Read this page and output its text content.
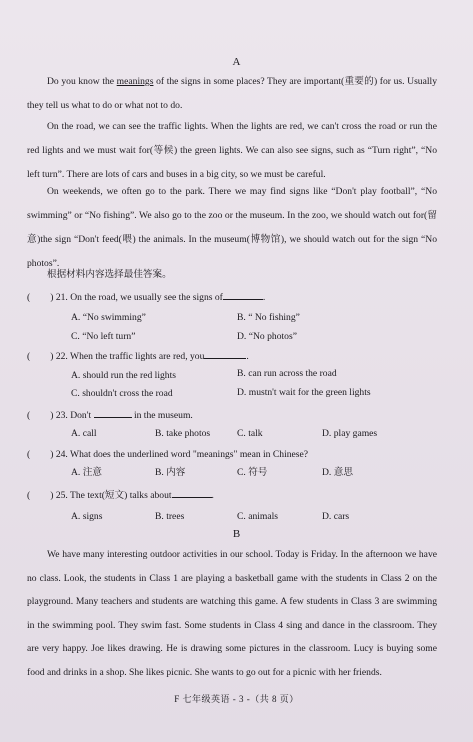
A
Do you know the meanings of the signs in some places? They are important(重要的) for us. Usually they tell us what to do or what not to do.
On the road, we can see the traffic lights. When the lights are red, we can't cross the road or run the red lights and we must wait for(等候) the green lights. We can also see signs, such as “Turn right”, “No left turn”. There are lots of cars and buses in a big city, so we must be careful.
On weekends, we often go to the park. There we may find signs like “Don't play football”, “No swimming” or “No fishing”. We also go to the zoo or the museum. In the zoo, we should watch out for(留意)the sign “Don't feed(喂) the animals. In the museum(博物馆), we should watch out for the sign “No photos”.
根据材料内容选择最佳答案。
( ) 21. On the road, we usually see the signs of	.
A. “No swimming”	B. “ No fishing”
C. “No left turn”	D. “No photos”
( ) 22. When the traffic lights are red, you	.
A. should run the red lights	B. can run across the road
C. shouldn't cross the road	D. mustn't wait for the green lights
( ) 23. Don't	in the museum.
A. call	B. take photos	C. talk	D. play games
( ) 24. What does the underlined word "meanings" mean in Chinese?
A. 注意	B. 内容	C. 符号	D. 意思
( ) 25. The text(短文) talks about	.
A. signs	B. trees	C. animals	D. cars
B
We have many interesting outdoor activities in our school. Today is Friday. In the afternoon we have no class. Look, the students in Class 1 are playing a basketball game with the students in Class 2 on the playground. Many teachers and students are watching this game. A few students in Class 3 are swimming in the swimming pool. They swim fast. Some students in Class 4 sing and dance in the classroom. They are very happy. Joe likes drawing. He is drawing some pictures in the classroom. Lucy is buying some food and drinks in a shop. She likes picnic. She wants to go out for a picnic with her friends.
F 七年级英语 - 3 -（共 8 页）
